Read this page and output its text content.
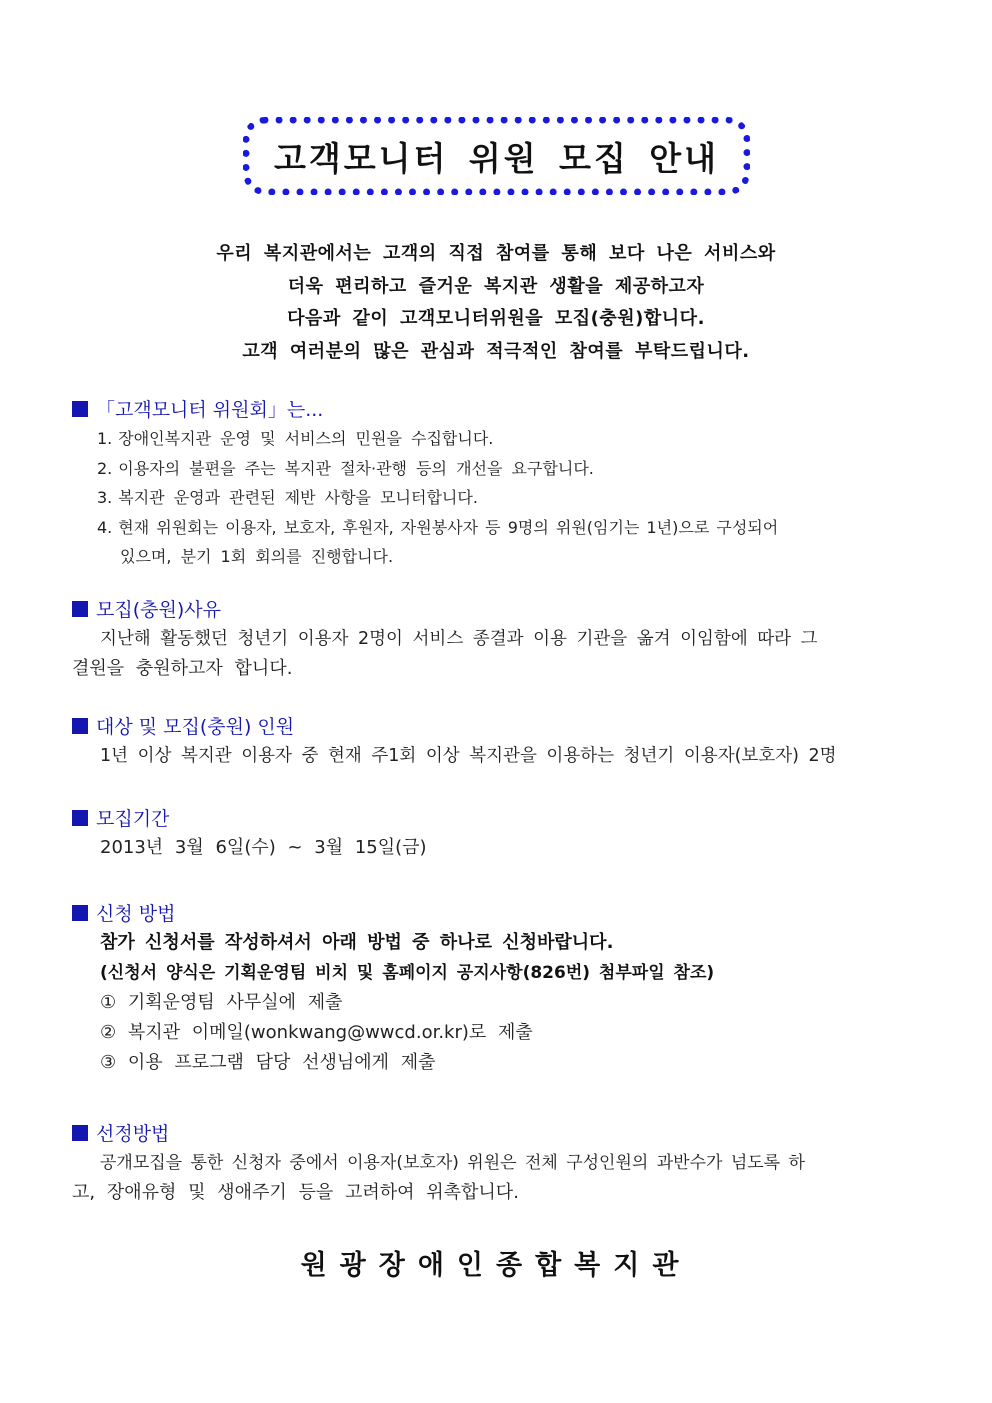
고객모니터 위원 모집 안내
우리 복지관에서는 고객의 직접 참여를 통해 보다 나은 서비스와
더욱 편리하고 즐거운 복지관 생활을 제공하고자
다음과 같이 고객모니터위원을 모집(충원)합니다.
고객 여러분의 많은 관심과 적극적인 참여를 부탁드립니다.
「고객모니터 위원회」는...
1. 장애인복지관 운영 및 서비스의 민원을 수집합니다.
2. 이용자의 불편을 주는 복지관 절차·관행 등의 개선을 요구합니다.
3. 복지관 운영과 관련된 제반 사항을 모니터합니다.
4. 현재 위원회는 이용자, 보호자, 후원자, 자원봉사자 등 9명의 위원(임기는 1년)으로 구성되어
있으며, 분기 1회 회의를 진행합니다.
모집(충원)사유
지난해 활동했던 청년기 이용자 2명이 서비스 종결과 이용 기관을 옮겨 이임함에 따라 그
결원을 충원하고자 합니다.
대상 및 모집(충원) 인원
1년 이상 복지관 이용자 중 현재 주1회 이상 복지관을 이용하는 청년기 이용자(보호자) 2명
모집기간
2013년 3월 6일(수) ~ 3월 15일(금)
신청 방법
참가 신청서를 작성하셔서 아래 방법 중 하나로 신청바랍니다.
(신청서 양식은 기획운영팀 비치 및 홈페이지 공지사항(826번) 첨부파일 참조)
① 기획운영팀 사무실에 제출
② 복지관 이메일(wonkwang@wwcd.or.kr)로 제출
③ 이용 프로그램 담당 선생님에게 제출
선정방법
공개모집을 통한 신청자 중에서 이용자(보호자) 위원은 전체 구성인원의 과반수가 넘도록 하
고, 장애유형 및 생애주기 등을 고려하여 위촉합니다.
원광장애인종합복지관
